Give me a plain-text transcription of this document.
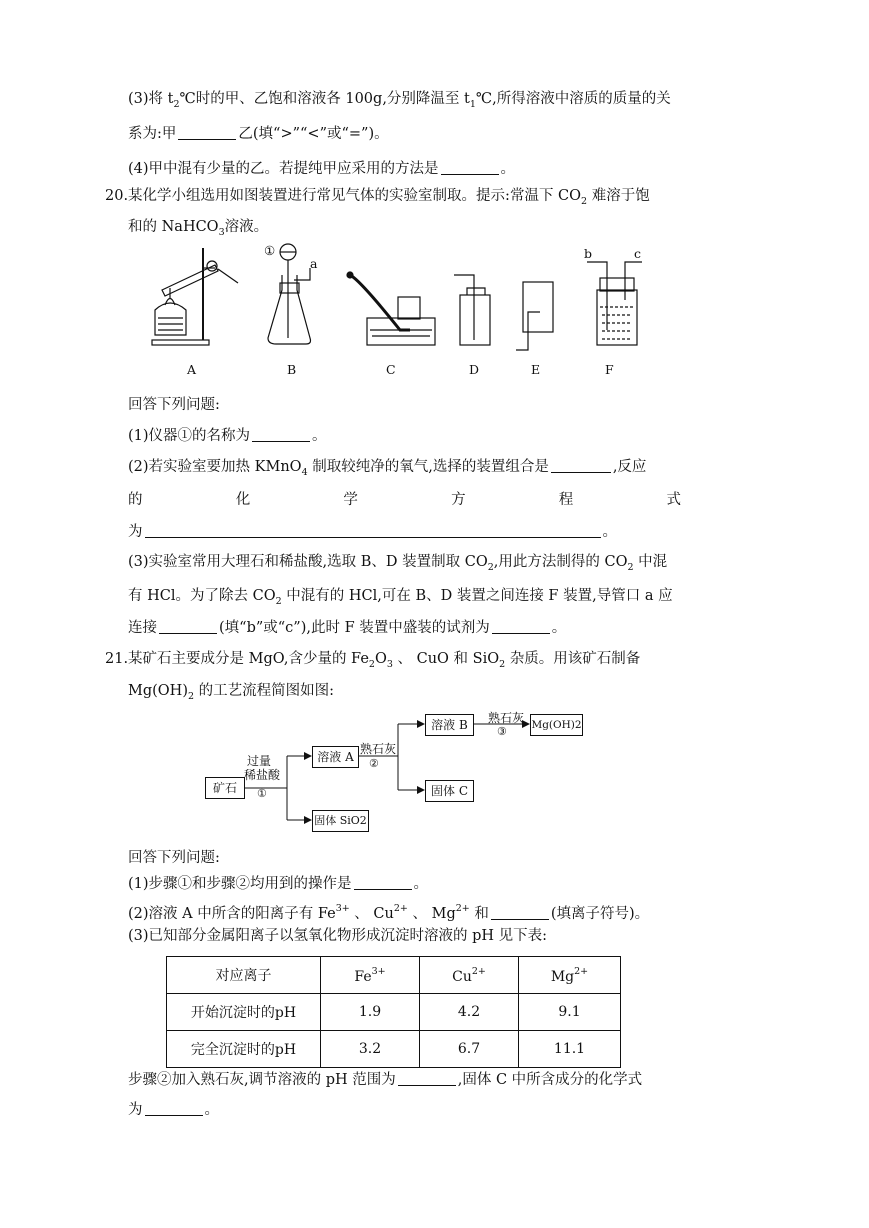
(3)将 $t_2℃$时的甲、乙饱和溶液各 100g,分别降温至 $t_1℃$,所得溶液中溶质的质量的关
系为:甲	乙(填“>”“<”或“=”)。
(4)甲中混有少量的乙。若提纯甲应采用的方法是	。
20.某化学小组选用如图装置进行常见气体的实验室制取。提示:常温下 $CO_2$ 难溶于饱
和的 NaHCO$_3$溶液。
①
a
b	c
A	B	C	D	E	F
回答下列问题:
(1)仪器①的名称为	。
(2)若实验室要加热 KMnO$_4$ 制取较纯净的氧气,选择的装置组合是	,反应
的	化	学	方	程	式
为	。
(3)实验室常用大理石和稀盐酸,选取 B、D 装置制取 $CO_2$,用此方法制得的 $CO_2$ 中混
有 HCl。为了除去 $CO_2$ 中混有的 HCl,可在 B、D 装置之间连接 F 装置,导管口 a 应
连接	(填“b”或“c”),此时 F 装置中盛装的试剂为	。
21.某矿石主要成分是 MgO,含少量的 $Fe_2O_3$ 、 CuO 和 SiO$_2$ 杂质。用该矿石制备
$Mg(OH)_2$ 的工艺流程简图如图:
矿石
溶液 A
溶液 B	Mg(OH)2
固体 C
固体 SiO2
过量
稀盐酸
①
熟石灰
②
熟石灰
③
回答下列问题:
(1)步骤①和步骤②均用到的操作是	。
(2)溶液 A 中所含的阳离子有 $Fe^{3+}$ 、 $Cu^{2+}$ 、 $Mg^{2+}$ 和	(填离子符号)。
(3)已知部分金属阳离子以氢氧化物形成沉淀时溶液的 pH 见下表:
对应离子	$Fe^{3+}$	$Cu^{2+}$	$Mg^{2+}$
开始沉淀时的pH	1.9	4.2	9.1
完全沉淀时的pH	3.2	6.7	11.1
步骤②加入熟石灰,调节溶液的 pH 范围为	,固体 C 中所含成分的化学式
为	。
